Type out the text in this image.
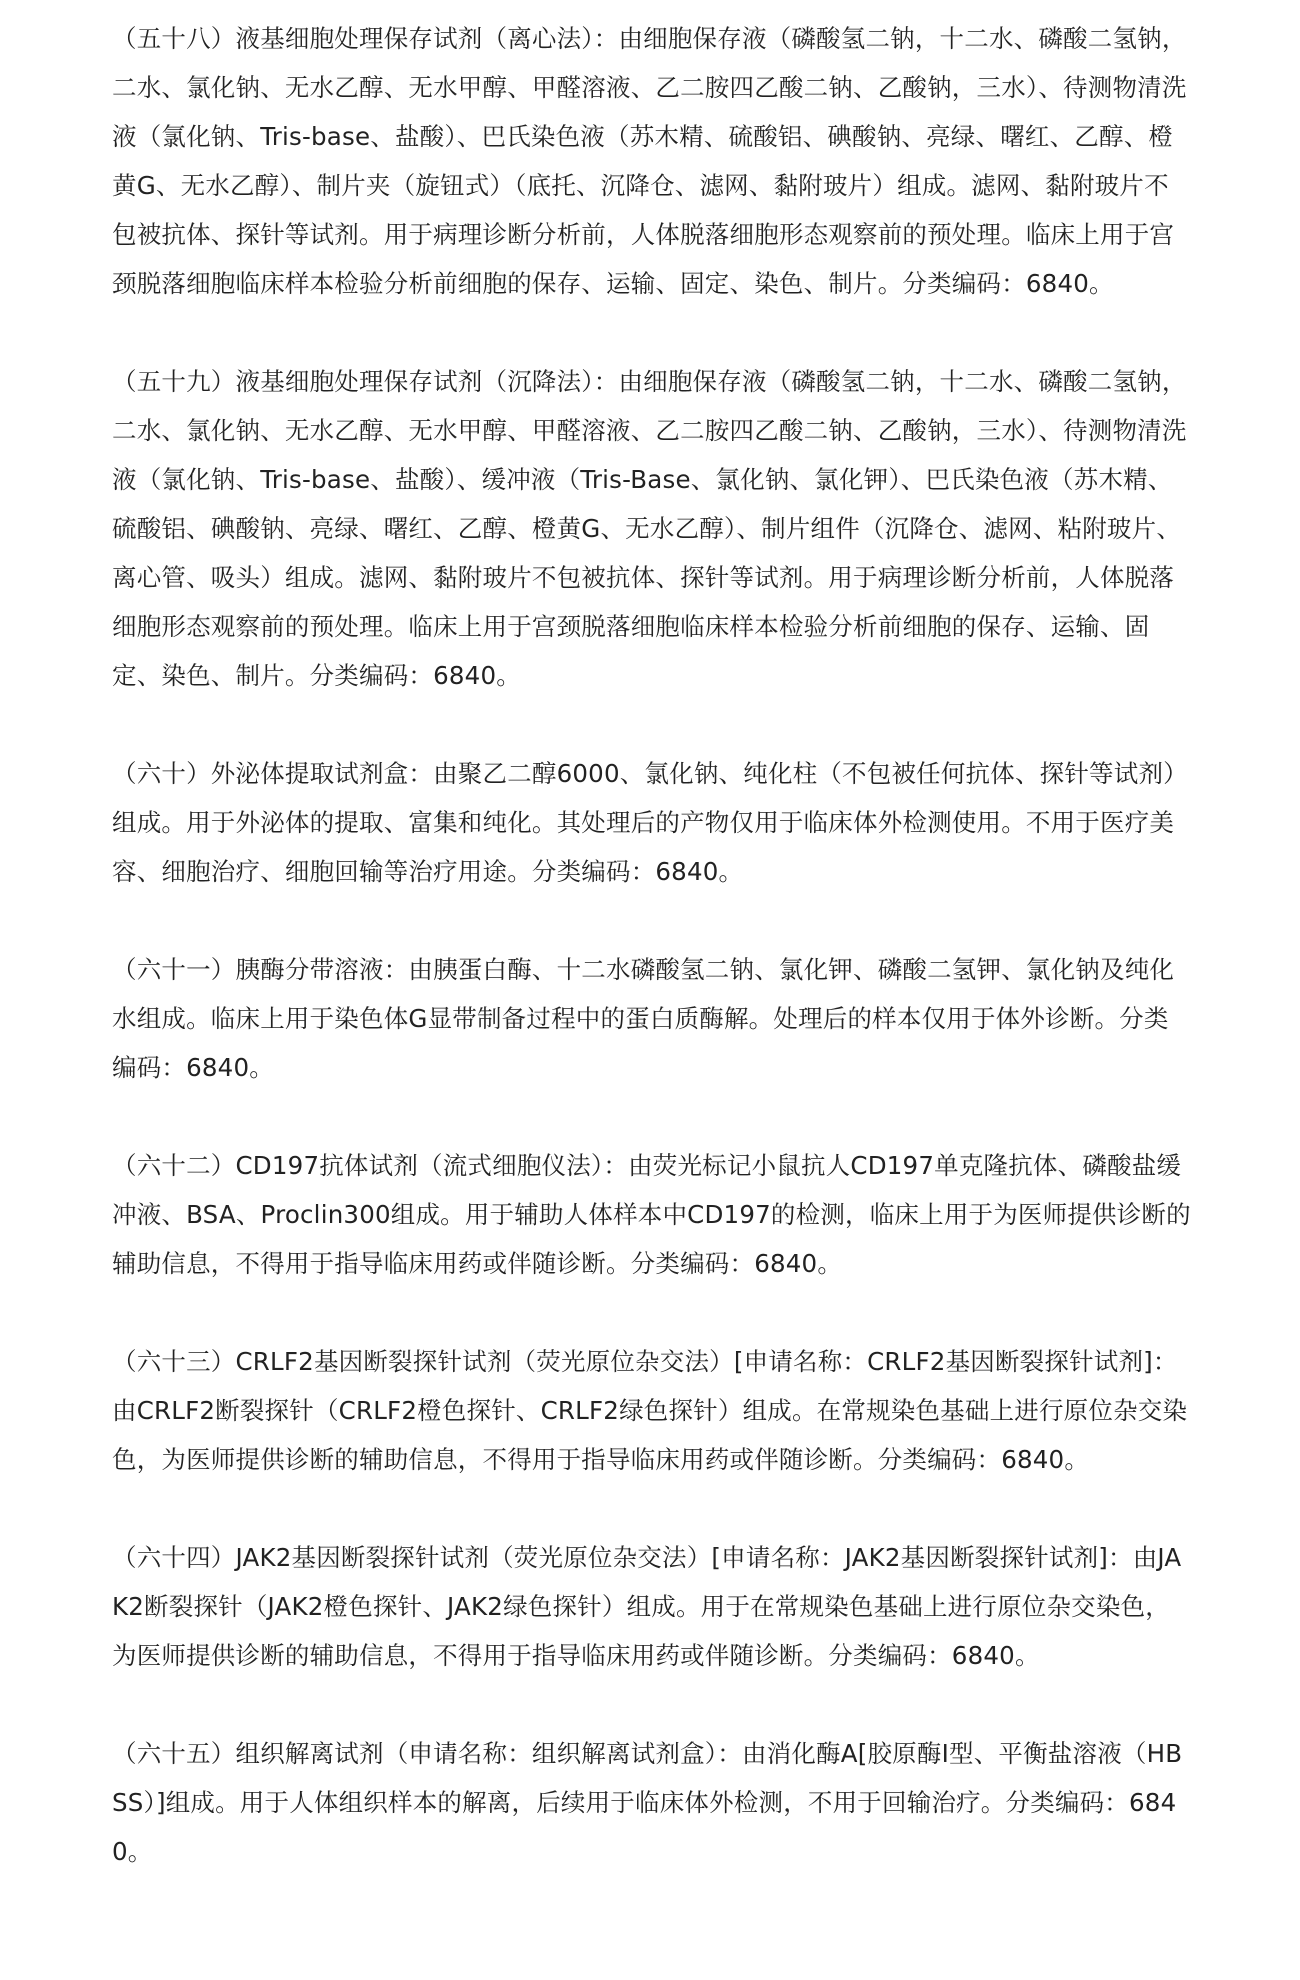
（五十八）液基细胞处理保存试剂（离心法）：由细胞保存液（磷酸氢二钠，十二水、磷酸二氢钠，二水、氯化钠、无水乙醇、无水甲醇、甲醛溶液、乙二胺四乙酸二钠、乙酸钠，三水）、待测物清洗液（氯化钠、Tris-base、盐酸）、巴氏染色液（苏木精、硫酸铝、碘酸钠、亮绿、曙红、乙醇、橙黄G、无水乙醇）、制片夹（旋钮式）（底托、沉降仓、滤网、黏附玻片）组成。滤网、黏附玻片不包被抗体、探针等试剂。用于病理诊断分析前，人体脱落细胞形态观察前的预处理。临床上用于宫颈脱落细胞临床样本检验分析前细胞的保存、运输、固定、染色、制片。分类编码：6840。

（五十九）液基细胞处理保存试剂（沉降法）：由细胞保存液（磷酸氢二钠，十二水、磷酸二氢钠，二水、氯化钠、无水乙醇、无水甲醇、甲醛溶液、乙二胺四乙酸二钠、乙酸钠，三水）、待测物清洗液（氯化钠、Tris-base、盐酸）、缓冲液（Tris-Base、氯化钠、氯化钾）、巴氏染色液（苏木精、硫酸铝、碘酸钠、亮绿、曙红、乙醇、橙黄G、无水乙醇）、制片组件（沉降仓、滤网、粘附玻片、离心管、吸头）组成。滤网、黏附玻片不包被抗体、探针等试剂。用于病理诊断分析前，人体脱落细胞形态观察前的预处理。临床上用于宫颈脱落细胞临床样本检验分析前细胞的保存、运输、固定、染色、制片。分类编码：6840。

（六十）外泌体提取试剂盒：由聚乙二醇6000、氯化钠、纯化柱（不包被任何抗体、探针等试剂）组成。用于外泌体的提取、富集和纯化。其处理后的产物仅用于临床体外检测使用。不用于医疗美容、细胞治疗、细胞回输等治疗用途。分类编码：6840。

（六十一）胰酶分带溶液：由胰蛋白酶、十二水磷酸氢二钠、氯化钾、磷酸二氢钾、氯化钠及纯化水组成。临床上用于染色体G显带制备过程中的蛋白质酶解。处理后的样本仅用于体外诊断。分类编码：6840。

（六十二）CD197抗体试剂（流式细胞仪法）：由荧光标记小鼠抗人CD197单克隆抗体、磷酸盐缓冲液、BSA、Proclin300组成。用于辅助人体样本中CD197的检测，临床上用于为医师提供诊断的辅助信息，不得用于指导临床用药或伴随诊断。分类编码：6840。

（六十三）CRLF2基因断裂探针试剂（荧光原位杂交法）[申请名称：CRLF2基因断裂探针试剂]：由CRLF2断裂探针（CRLF2橙色探针、CRLF2绿色探针）组成。在常规染色基础上进行原位杂交染色，为医师提供诊断的辅助信息，不得用于指导临床用药或伴随诊断。分类编码：6840。

（六十四）JAK2基因断裂探针试剂（荧光原位杂交法）[申请名称：JAK2基因断裂探针试剂]：由JAK2断裂探针（JAK2橙色探针、JAK2绿色探针）组成。用于在常规染色基础上进行原位杂交染色，为医师提供诊断的辅助信息，不得用于指导临床用药或伴随诊断。分类编码：6840。

（六十五）组织解离试剂（申请名称：组织解离试剂盒）：由消化酶A[胶原酶I型、平衡盐溶液（HBSS）]组成。用于人体组织样本的解离，后续用于临床体外检测，不用于回输治疗。分类编码：6840。
